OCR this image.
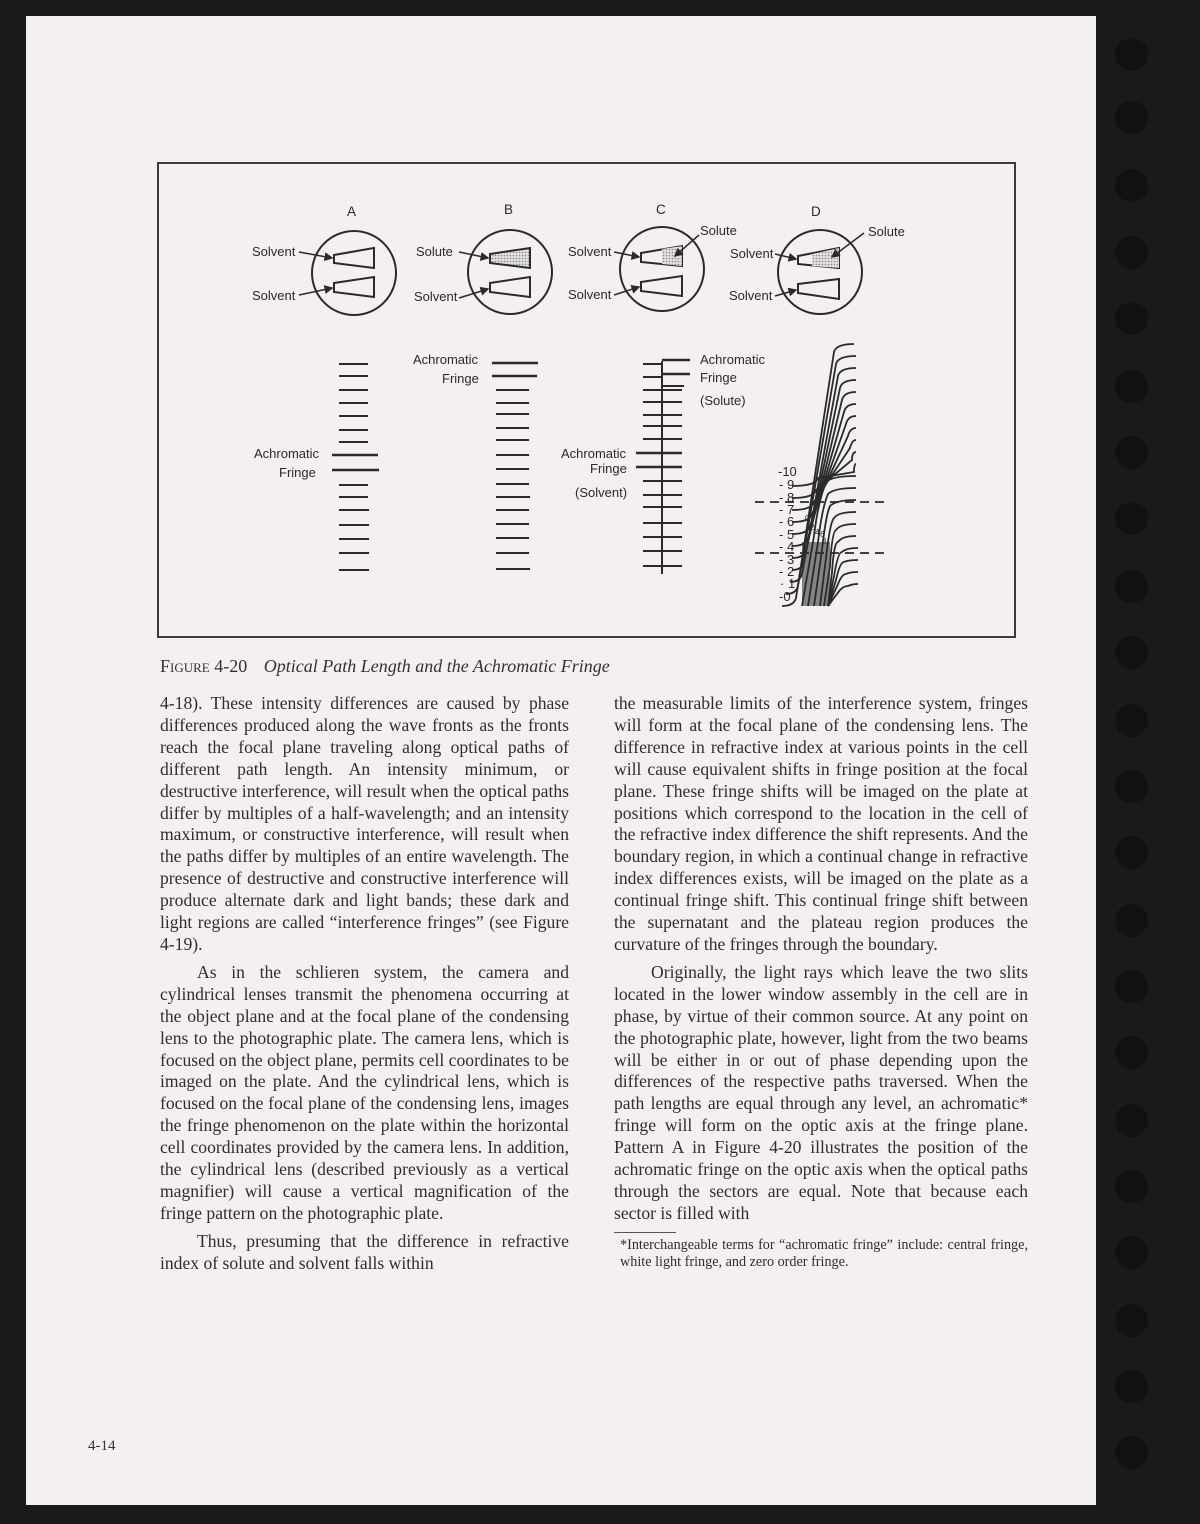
A	B	C	D
Solvent
Solvent
Solute
Solvent
Solvent
Solvent
Solute
Solvent
Solvent
Solute
Achromatic
Fringe
Achromatic
Fringe
Achromatic
Fringe
(Solute)
Achromatic
Fringe
(Solvent)
-10
- 9
- 8
- 7
- 6
- 5
- 4
- 3
- 2
· 1
-0
0
2
4 6
8
Figure 4-20 Optical Path Length and the Achromatic Fringe

4-18). These intensity differences are caused by phase differences produced along the wave fronts as the fronts reach the focal plane traveling along optical paths of different path length. An intensity minimum, or destructive interference, will result when the optical paths differ by multiples of a half-wavelength; and an intensity maximum, or constructive interference, will result when the paths differ by multiples of an entire wavelength. The presence of destructive and constructive interference will produce alternate dark and light bands; these dark and light regions are called “interference fringes” (see Figure 4-19).

As in the schlieren system, the camera and cylindrical lenses transmit the phenomena occurring at the object plane and at the focal plane of the condensing lens to the photographic plate. The camera lens, which is focused on the object plane, permits cell coordinates to be imaged on the plate. And the cylindrical lens, which is focused on the focal plane of the condensing lens, images the fringe phenomenon on the plate within the horizontal cell coordinates provided by the camera lens. In addition, the cylindrical lens (described previously as a vertical magnifier) will cause a vertical magnification of the fringe pattern on the photographic plate.

Thus, presuming that the difference in refractive index of solute and solvent falls within

the measurable limits of the interference system, fringes will form at the focal plane of the condensing lens. The difference in refractive index at various points in the cell will cause equivalent shifts in fringe position at the focal plane. These fringe shifts will be imaged on the plate at positions which correspond to the location in the cell of the refractive index difference the shift represents. And the boundary region, in which a continual change in refractive index differences exists, will be imaged on the plate as a continual fringe shift. This continual fringe shift between the supernatant and the plateau region produces the curvature of the fringes through the boundary.

Originally, the light rays which leave the two slits located in the lower window assembly in the cell are in phase, by virtue of their common source. At any point on the photographic plate, however, light from the two beams will be either in or out of phase depending upon the differences of the respective paths traversed. When the path lengths are equal through any level, an achromatic* fringe will form on the optic axis at the fringe plane. Pattern A in Figure 4-20 illustrates the position of the achromatic fringe on the optic axis when the optical paths through the sectors are equal. Note that because each sector is filled with

*Interchangeable terms for “achromatic fringe” include: central fringe, white light fringe, and zero order fringe.

4-14
